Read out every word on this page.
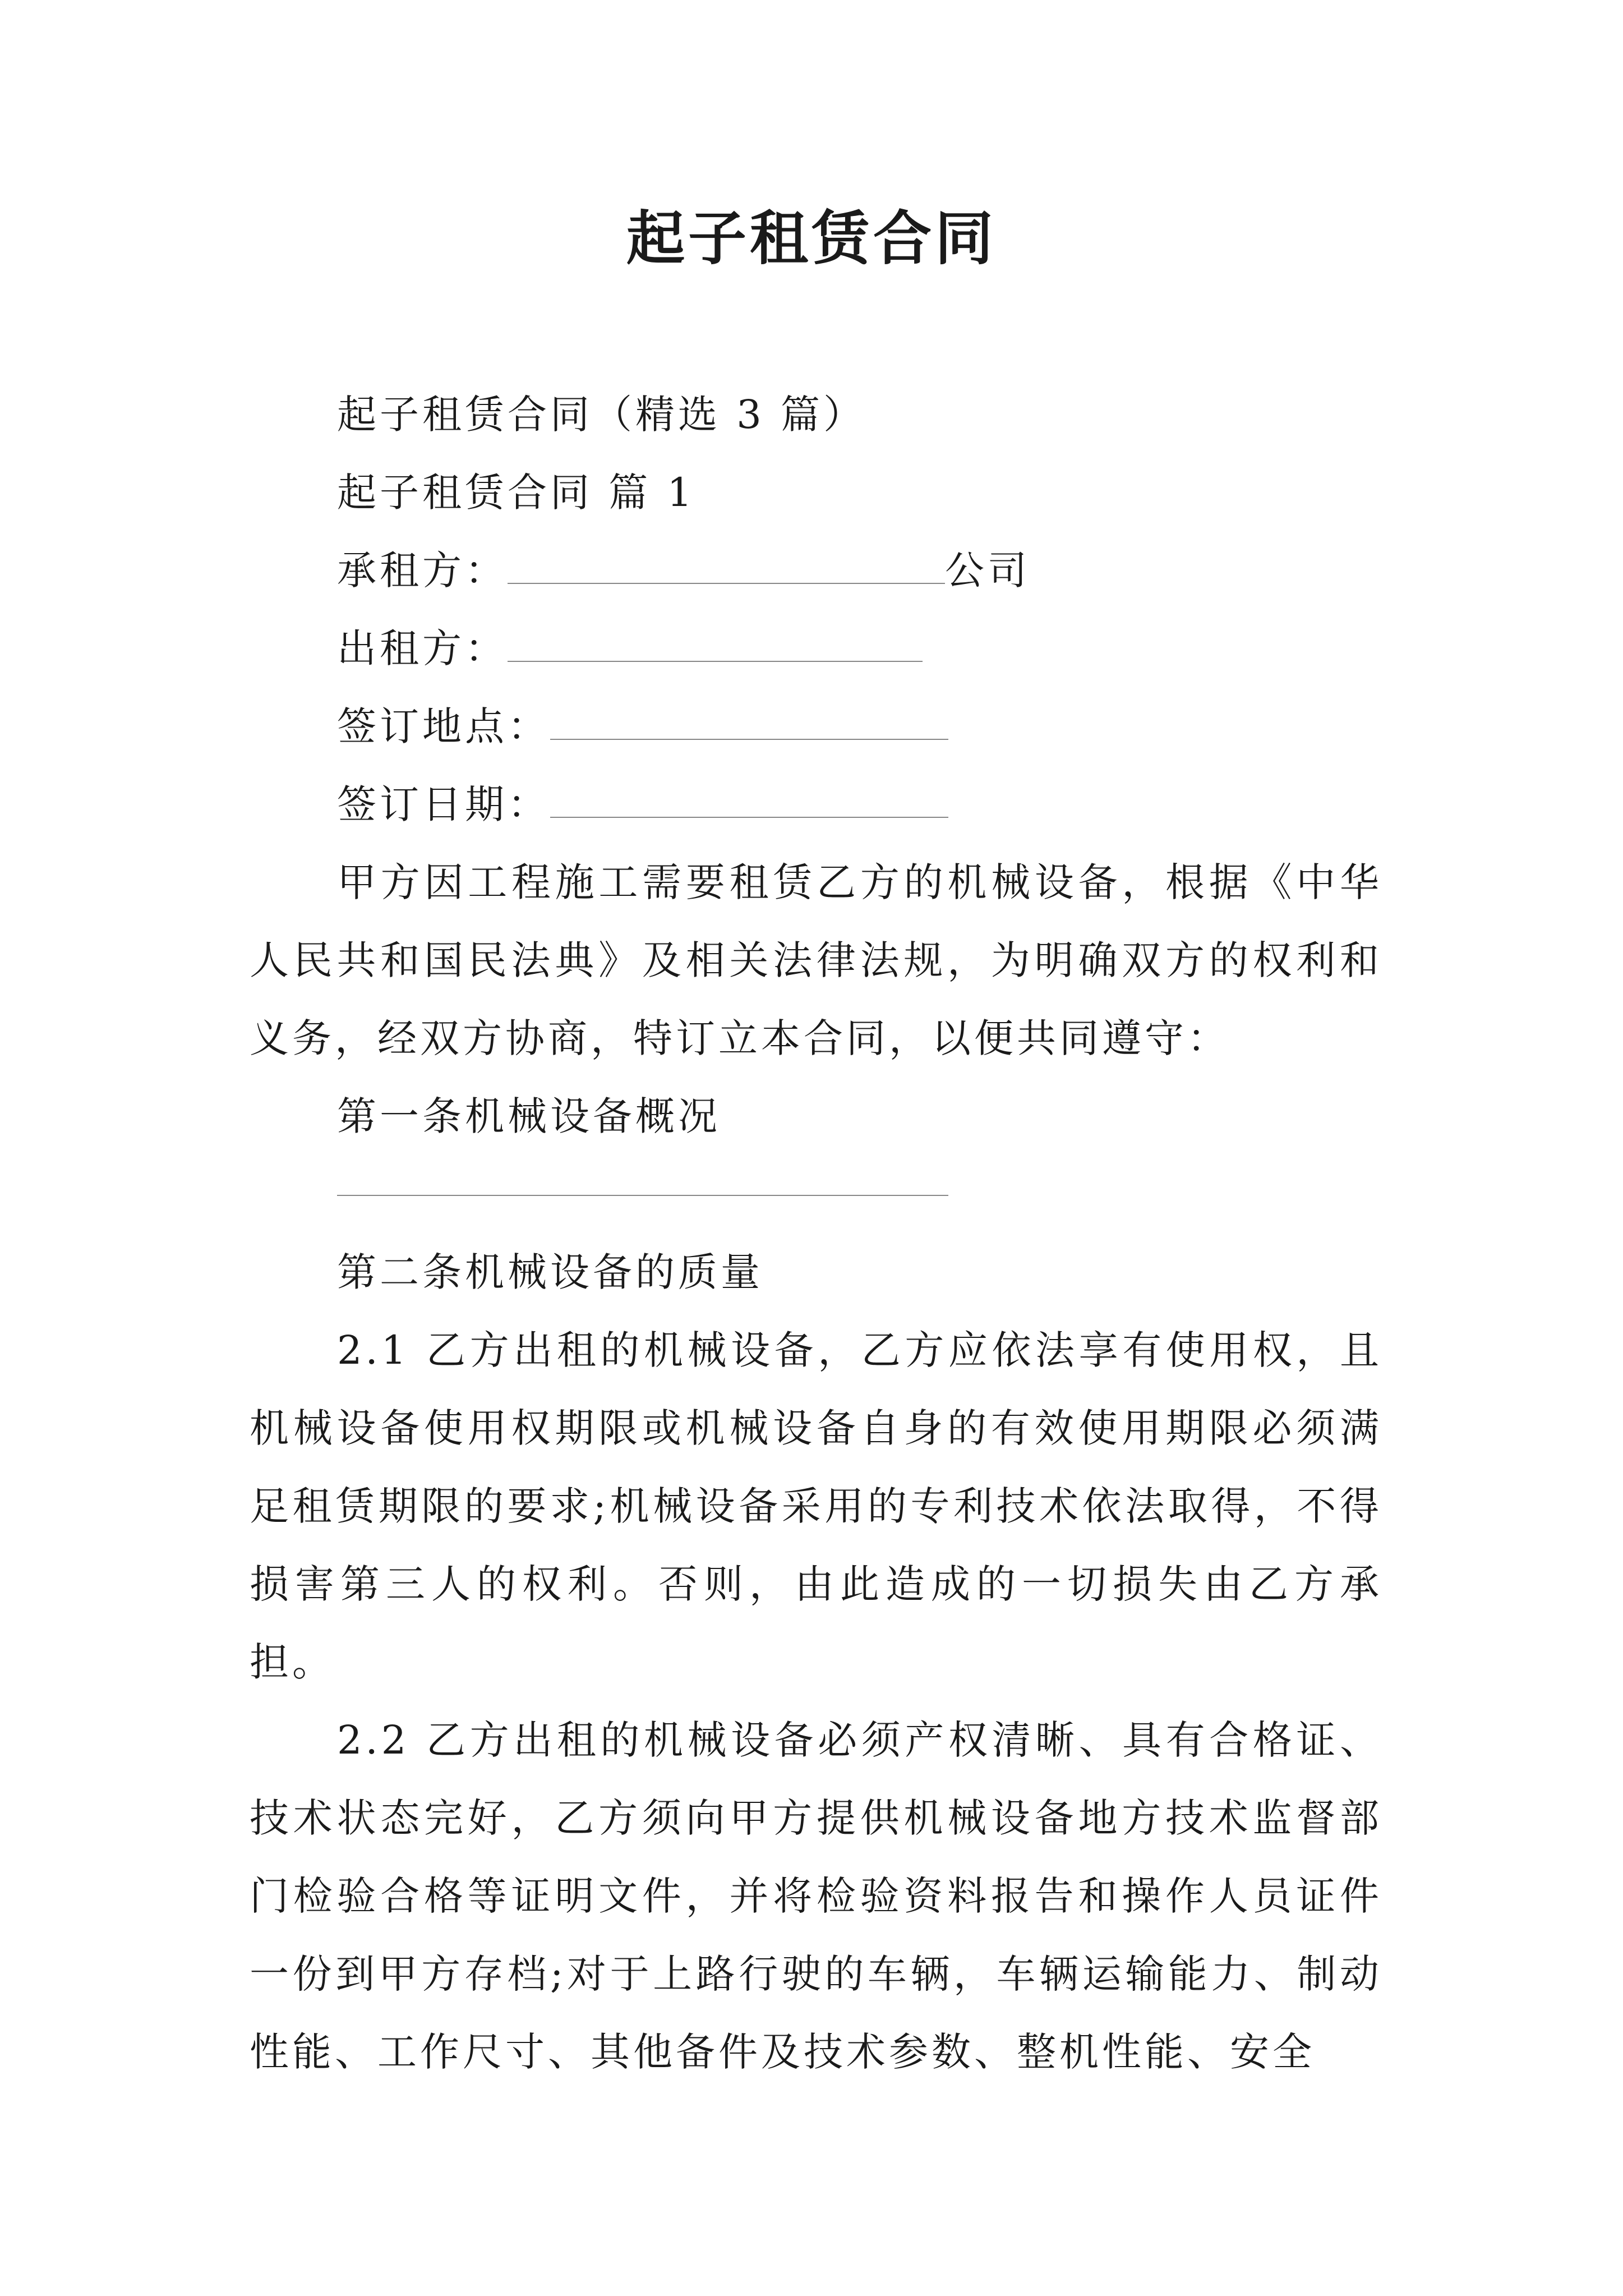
起子租赁合同
起子租赁合同（精选 3 篇）
起子租赁合同 篇 1
承租方：	公司
出租方：
签订地点：
签订日期：
甲方因工程施工需要租赁乙方的机械设备，根据《中华人民共和国民法典》及相关法律法规，为明确双方的权利和义务，经双方协商，特订立本合同，以便共同遵守：
第一条机械设备概况
第二条机械设备的质量
2.1 乙方出租的机械设备，乙方应依法享有使用权，且机械设备使用权期限或机械设备自身的有效使用期限必须满足租赁期限的要求;机械设备采用的专利技术依法取得，不得损害第三人的权利。否则，由此造成的一切损失由乙方承担。
2.2 乙方出租的机械设备必须产权清晰、具有合格证、技术状态完好，乙方须向甲方提供机械设备地方技术监督部门检验合格等证明文件，并将检验资料报告和操作人员证件一份到甲方存档;对于上路行驶的车辆，车辆运输能力、制动性能、工作尺寸、其他备件及技术参数、整机性能、安全
